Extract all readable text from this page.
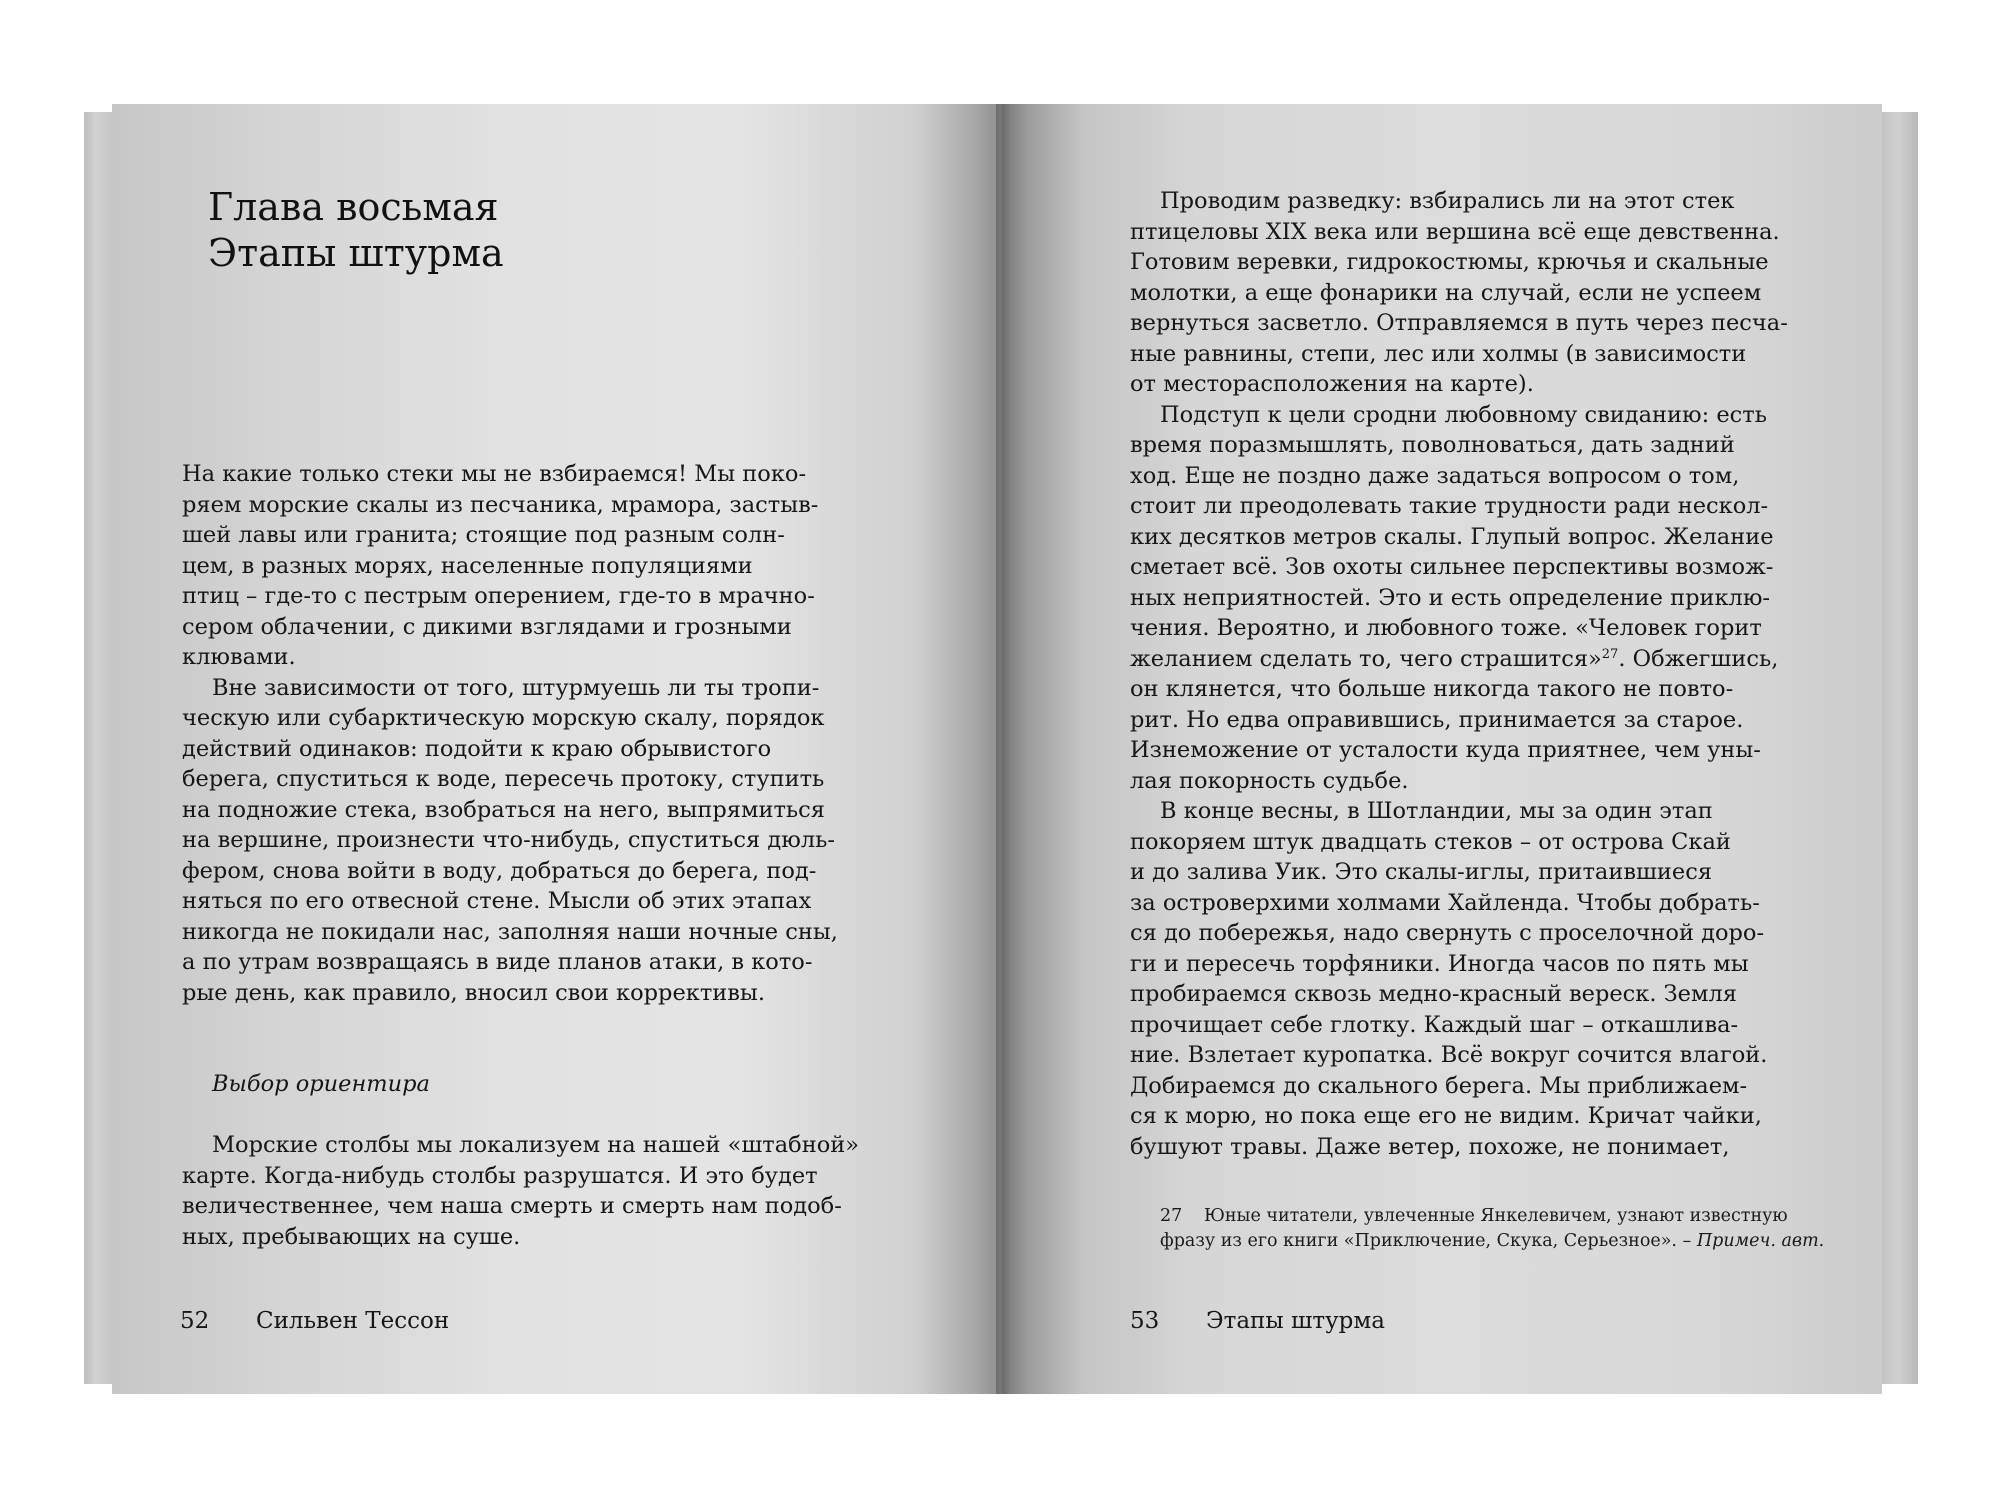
Глава восьмая
Этапы штурма
На какие только стеки мы не взбираемся! Мы поко-
ряем морские скалы из песчаника, мрамора, застыв-
шей лавы или гранита; стоящие под разным солн-
цем, в разных морях, населенные популяциями
птиц – где-то с пестрым оперением, где-то в мрачно-
сером облачении, с дикими взглядами и грозными
клювами.
Вне зависимости от того, штурмуешь ли ты тропи-
ческую или субарктическую морскую скалу, порядок
действий одинаков: подойти к краю обрывистого
берега, спуститься к воде, пересечь протоку, ступить
на подножие стека, взобраться на него, выпрямиться
на вершине, произнести что-нибудь, спуститься дюль-
фером, снова войти в воду, добраться до берега, под-
няться по его отвесной стене. Мысли об этих этапах
никогда не покидали нас, заполняя наши ночные сны,
а по утрам возвращаясь в виде планов атаки, в кото-
рые день, как правило, вносил свои коррективы.
Выбор ориентира
Морские столбы мы локализуем на нашей «штабной»
карте. Когда-нибудь столбы разрушатся. И это будет
величественнее, чем наша смерть и смерть нам подоб-
ных, пребывающих на суше.
52 Сильвен Тессон
Проводим разведку: взбирались ли на этот стек
птицеловы XIX века или вершина всё еще девственна.
Готовим веревки, гидрокостюмы, крючья и скальные
молотки, а еще фонарики на случай, если не успеем
вернуться засветло. Отправляемся в путь через песча-
ные равнины, степи, лес или холмы (в зависимости
от месторасположения на карте).
Подступ к цели сродни любовному свиданию: есть
время поразмышлять, поволноваться, дать задний
ход. Еще не поздно даже задаться вопросом о том,
стоит ли преодолевать такие трудности ради нескол-
ких десятков метров скалы. Глупый вопрос. Желание
сметает всё. Зов охоты сильнее перспективы возмож-
ных неприятностей. Это и есть определение приклю-
чения. Вероятно, и любовного тоже. «Человек горит
желанием сделать то, чего страшится»$^{27}$. Обжегшись,
он клянется, что больше никогда такого не повто-
рит. Но едва оправившись, принимается за старое.
Изнеможение от усталости куда приятнее, чем уны-
лая покорность судьбе.
В конце весны, в Шотландии, мы за один этап
покоряем штук двадцать стеков – от острова Скай
и до залива Уик. Это скалы-иглы, притаившиеся
за островерхими холмами Хайленда. Чтобы добрать-
ся до побережья, надо свернуть с проселочной доро-
ги и пересечь торфяники. Иногда часов по пять мы
пробираемся сквозь медно-красный вереск. Земля
прочищает себе глотку. Каждый шаг – откашлива-
ние. Взлетает куропатка. Всё вокруг сочится влагой.
Добираемся до скального берега. Мы приближаем-
ся к морю, но пока еще его не видим. Кричат чайки,
бушуют травы. Даже ветер, похоже, не понимает,
27 Юные читатели, увлеченные Янкелевичем, узнают известную
фразу из его книги «Приключение, Скука, Серьезное». – Примеч. авт.
53 Этапы штурма
